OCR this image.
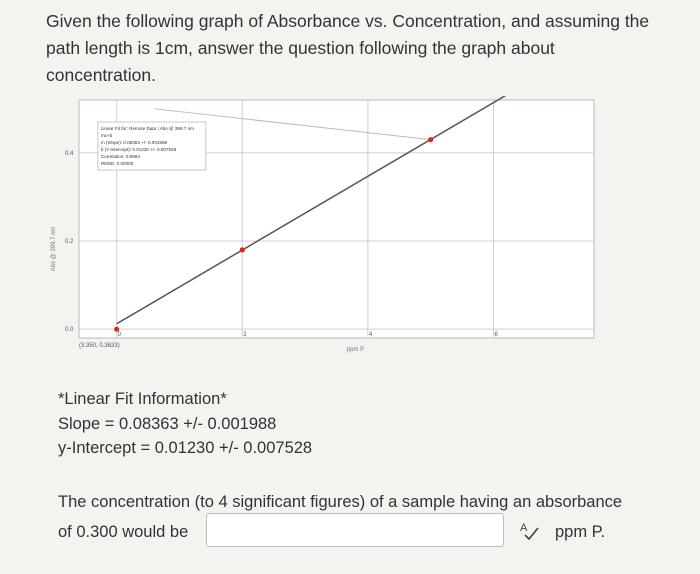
Given the following graph of Absorbance vs. Concentration, and assuming the path length is 1cm, answer the question following the graph about concentration.
0	2	4	6
0.0
0.2
0.4
Linear Fit for: Remote Data | Abs @ 399.7 nm
mx+b
m (Slope): 0.08363 +/- 0.001988
b (Y-Intercept): 0.01230 +/- 0.007528
Correlation: 0.9994
RMSE: 0.00000
Abs @ 399.7 nm
ppm P
(3.350, 0.3633)
*Linear Fit Information*
Slope = 0.08363 +/- 0.001988
y-Intercept = 0.01230 +/- 0.007528
The concentration (to 4 significant figures) of a sample having an absorbance
of 0.300 would be	A ppm P.
